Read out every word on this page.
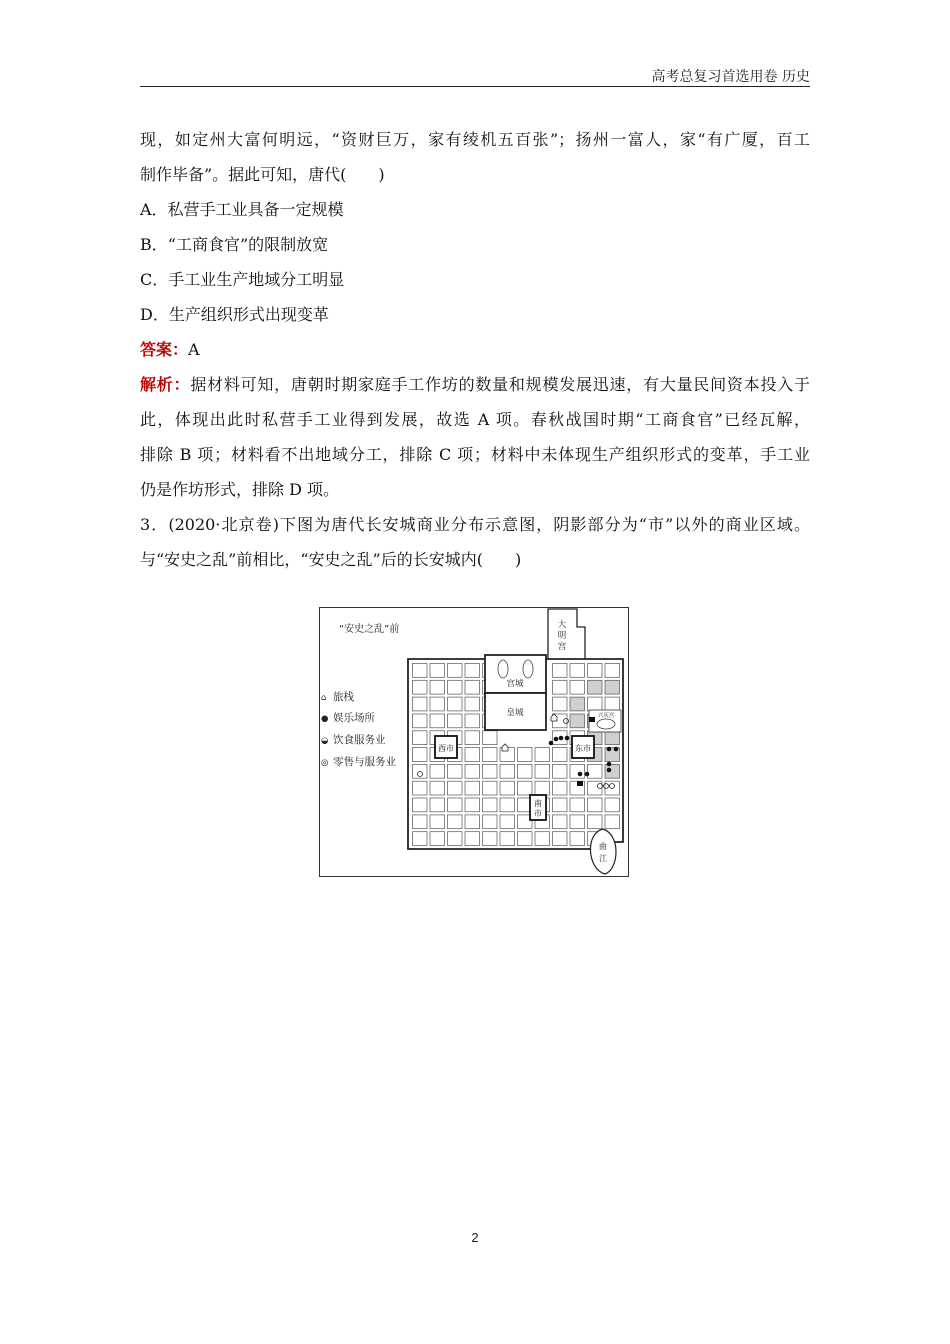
高考总复习首选用卷 历史
现，如定州大富何明远，“资财巨万，家有绫机五百张”；扬州一富人，家“有广厦，百工
制作毕备”。据此可知，唐代(　　)
A．私营手工业具备一定规模
B．“工商食官”的限制放宽
C．手工业生产地域分工明显
D．生产组织形式出现变革
答案：A
解析：据材料可知，唐朝时期家庭手工作坊的数量和规模发展迅速，有大量民间资本投入于
此，体现出此时私营手工业得到发展，故选 A 项。春秋战国时期“工商食官”已经瓦解，
排除 B 项；材料看不出地域分工，排除 C 项；材料中未体现生产组织形式的变革，手工业
仍是作坊形式，排除 D 项。
3．(2020·北京卷)下图为唐代长安城商业分布示意图，阴影部分为“市”以外的商业区域。
与“安史之乱”前相比，“安史之乱”后的长安城内(　　)
“安史之乱”前	大
明
宫
宫城
皇城
西市	东市
南
市
兴庆宫
曲
江
⌂ 旅栈
● 娱乐场所
◒ 饮食服务业
◎ 零售与服务业
2
